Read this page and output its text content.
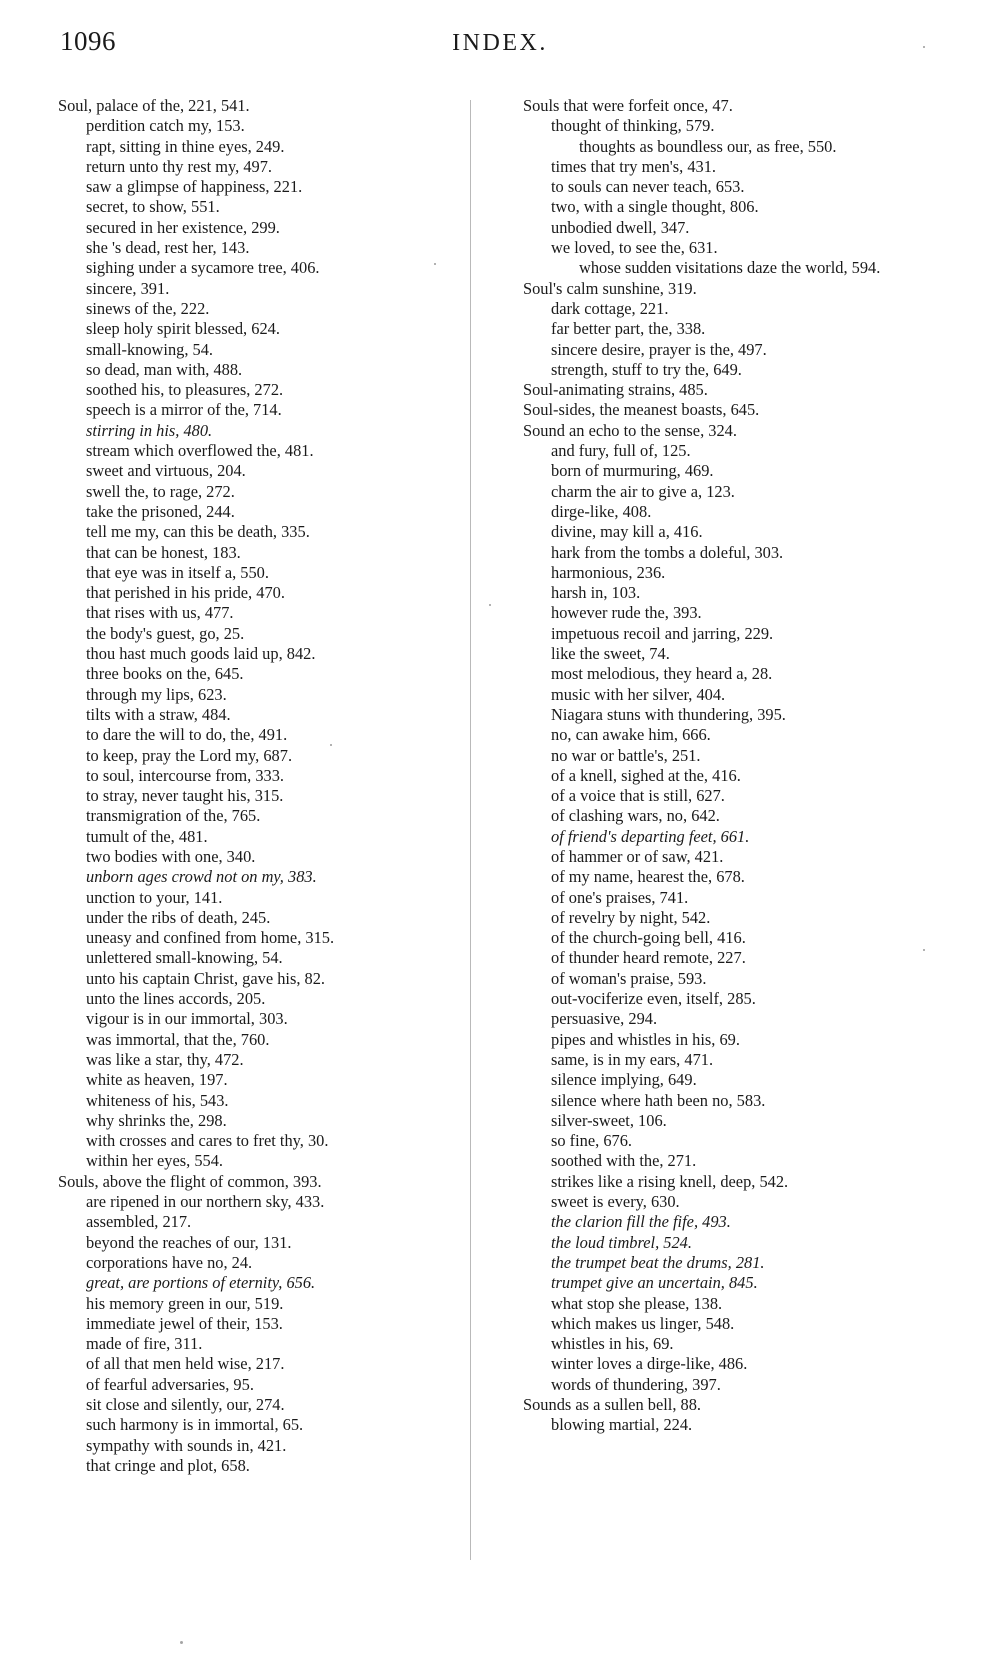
1096	INDEX.
Soul, palace of the, 221, 541.
perdition catch my, 153.
rapt, sitting in thine eyes, 249.
return unto thy rest my, 497.
saw a glimpse of happiness, 221.
secret, to show, 551.
secured in her existence, 299.
she 's dead, rest her, 143.
sighing under a sycamore tree, 406.
sincere, 391.
sinews of the, 222.
sleep holy spirit blessed, 624.
small-knowing, 54.
so dead, man with, 488.
soothed his, to pleasures, 272.
speech is a mirror of the, 714.
stirring in his, 480.
stream which overflowed the, 481.
sweet and virtuous, 204.
swell the, to rage, 272.
take the prisoned, 244.
tell me my, can this be death, 335.
that can be honest, 183.
that eye was in itself a, 550.
that perished in his pride, 470.
that rises with us, 477.
the body's guest, go, 25.
thou hast much goods laid up, 842.
three books on the, 645.
through my lips, 623.
tilts with a straw, 484.
to dare the will to do, the, 491.
to keep, pray the Lord my, 687.
to soul, intercourse from, 333.
to stray, never taught his, 315.
transmigration of the, 765.
tumult of the, 481.
two bodies with one, 340.
unborn ages crowd not on my, 383.
unction to your, 141.
under the ribs of death, 245.
uneasy and confined from home, 315.
unlettered small-knowing, 54.
unto his captain Christ, gave his, 82.
unto the lines accords, 205.
vigour is in our immortal, 303.
was immortal, that the, 760.
was like a star, thy, 472.
white as heaven, 197.
whiteness of his, 543.
why shrinks the, 298.
with crosses and cares to fret thy, 30.
within her eyes, 554.
Souls, above the flight of common, 393.
are ripened in our northern sky, 433.
assembled, 217.
beyond the reaches of our, 131.
corporations have no, 24.
great, are portions of eternity, 656.
his memory green in our, 519.
immediate jewel of their, 153.
made of fire, 311.
of all that men held wise, 217.
of fearful adversaries, 95.
sit close and silently, our, 274.
such harmony is in immortal, 65.
sympathy with sounds in, 421.
that cringe and plot, 658.
Souls that were forfeit once, 47.
thought of thinking, 579.
thoughts as boundless our, as free, 550.
times that try men's, 431.
to souls can never teach, 653.
two, with a single thought, 806.
unbodied dwell, 347.
we loved, to see the, 631.
whose sudden visitations daze the world, 594.
Soul's calm sunshine, 319.
dark cottage, 221.
far better part, the, 338.
sincere desire, prayer is the, 497.
strength, stuff to try the, 649.
Soul-animating strains, 485.
Soul-sides, the meanest boasts, 645.
Sound an echo to the sense, 324.
and fury, full of, 125.
born of murmuring, 469.
charm the air to give a, 123.
dirge-like, 408.
divine, may kill a, 416.
hark from the tombs a doleful, 303.
harmonious, 236.
harsh in, 103.
however rude the, 393.
impetuous recoil and jarring, 229.
like the sweet, 74.
most melodious, they heard a, 28.
music with her silver, 404.
Niagara stuns with thundering, 395.
no, can awake him, 666.
no war or battle's, 251.
of a knell, sighed at the, 416.
of a voice that is still, 627.
of clashing wars, no, 642.
of friend's departing feet, 661.
of hammer or of saw, 421.
of my name, hearest the, 678.
of one's praises, 741.
of revelry by night, 542.
of the church-going bell, 416.
of thunder heard remote, 227.
of woman's praise, 593.
out-vociferize even, itself, 285.
persuasive, 294.
pipes and whistles in his, 69.
same, is in my ears, 471.
silence implying, 649.
silence where hath been no, 583.
silver-sweet, 106.
so fine, 676.
soothed with the, 271.
strikes like a rising knell, deep, 542.
sweet is every, 630.
the clarion fill the fife, 493.
the loud timbrel, 524.
the trumpet beat the drums, 281.
trumpet give an uncertain, 845.
what stop she please, 138.
which makes us linger, 548.
whistles in his, 69.
winter loves a dirge-like, 486.
words of thundering, 397.
Sounds as a sullen bell, 88.
blowing martial, 224.
